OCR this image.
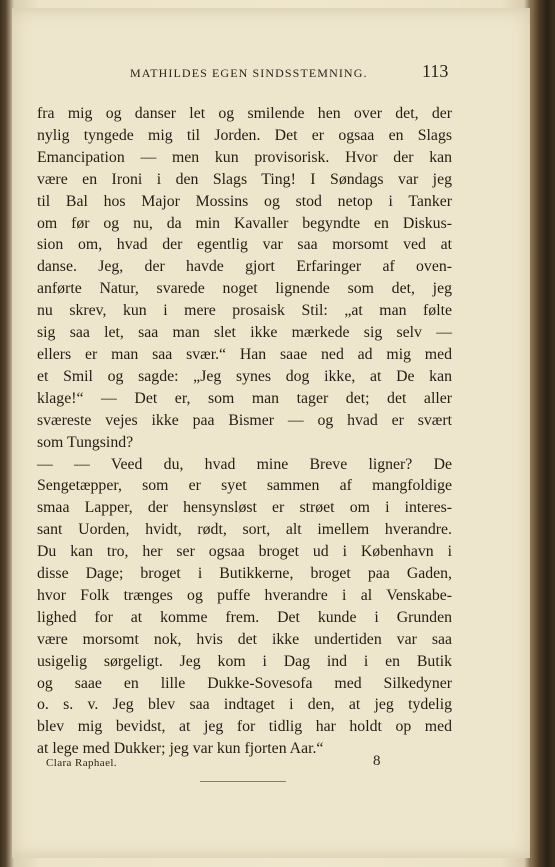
MATHILDES EGEN SINDSSTEMNING.	113
fra mig og danser let og smilende hen over det, der
nylig tyngede mig til Jorden. Det er ogsaa en Slags
Emancipation — men kun provisorisk. Hvor der kan
være en Ironi i den Slags Ting! I Søndags var jeg
til Bal hos Major Mossins og stod netop i Tanker
om før og nu, da min Kavaller begyndte en Diskus-
sion om, hvad der egentlig var saa morsomt ved at
danse. Jeg, der havde gjort Erfaringer af oven-
anførte Natur, svarede noget lignende som det, jeg
nu skrev, kun i mere prosaisk Stil: „at man følte
sig saa let, saa man slet ikke mærkede sig selv —
ellers er man saa svær.“ Han saae ned ad mig med
et Smil og sagde: „Jeg synes dog ikke, at De kan
klage!“ — Det er, som man tager det; det aller
sværeste vejes ikke paa Bismer — og hvad er svært
som Tungsind?
— — Veed du, hvad mine Breve ligner? De
Sengetæpper, som er syet sammen af mangfoldige
smaa Lapper, der hensynsløst er strøet om i interes-
sant Uorden, hvidt, rødt, sort, alt imellem hverandre.
Du kan tro, her ser ogsaa broget ud i København i
disse Dage; broget i Butikkerne, broget paa Gaden,
hvor Folk trænges og puffe hverandre i al Venskabe-
lighed for at komme frem. Det kunde i Grunden
være morsomt nok, hvis det ikke undertiden var saa
usigelig sørgeligt. Jeg kom i Dag ind i en Butik
og saae en lille Dukke-Sovesofa med Silkedyner
o. s. v. Jeg blev saa indtaget i den, at jeg tydelig
blev mig bevidst, at jeg for tidlig har holdt op med
at lege med Dukker; jeg var kun fjorten Aar.“
Clara Raphael.	8
